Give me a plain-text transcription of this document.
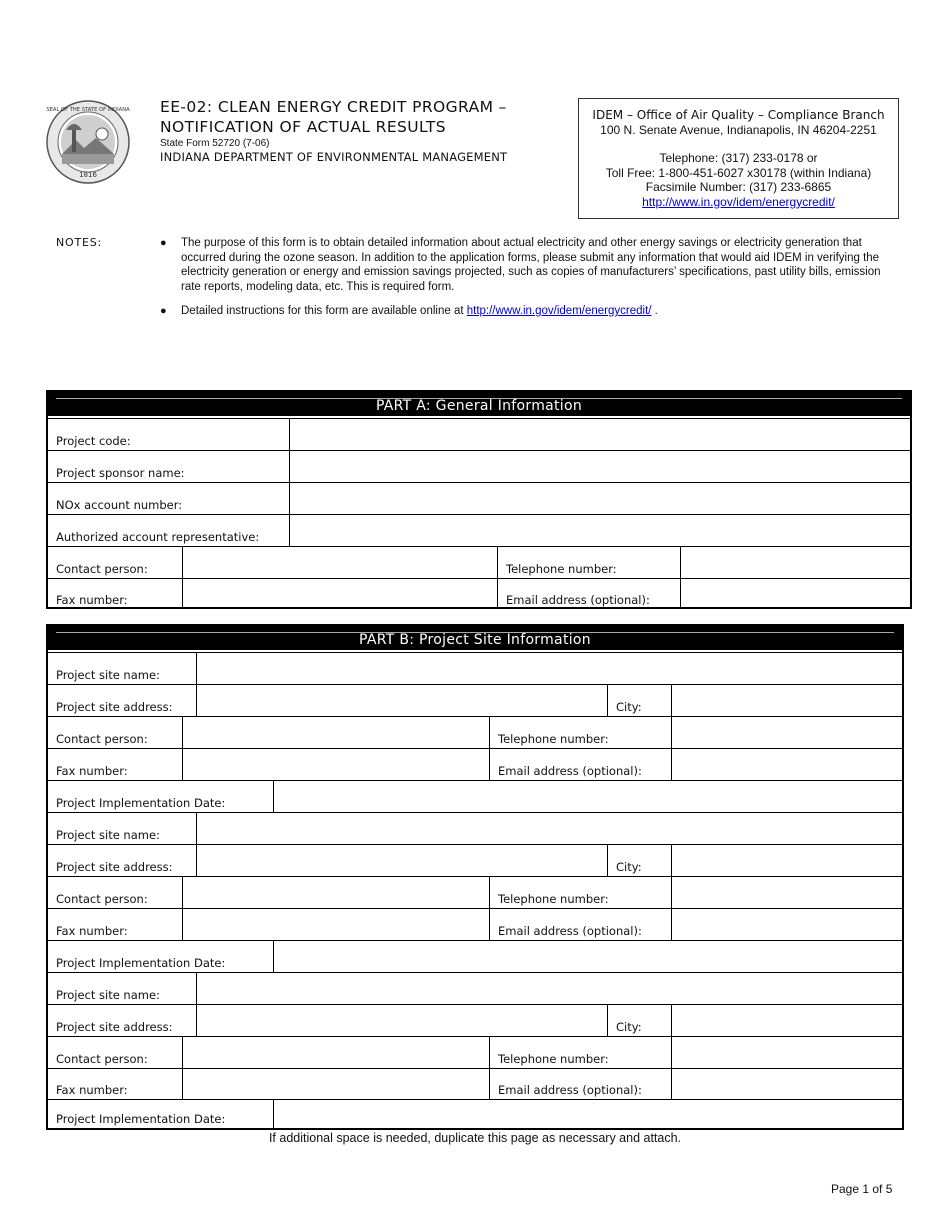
1816
SEAL OF THE STATE OF INDIANA EE-02: CLEAN ENERGY CREDIT PROGRAM –
NOTIFICATION OF ACTUAL RESULTS
State Form 52720 (7-06)
INDIANA DEPARTMENT OF ENVIRONMENTAL MANAGEMENT
IDEM – Office of Air Quality – Compliance Branch
100 N. Senate Avenue, Indianapolis, IN 46204-2251
Telephone: (317) 233-0178 or
Toll Free: 1-800-451-6027 x30178 (within Indiana)
Facsimile Number: (317) 233-6865
http://www.in.gov/idem/energycredit/
NOTES:	● The purpose of this form is to obtain detailed information about actual electricity and other energy savings or electricity generation that occurred during the ozone season. In addition to the application forms, please submit any information that would aid IDEM in verifying the electricity generation or energy and emission savings projected, such as copies of manufacturers’ specifications, past utility bills, emission rate reports, modeling data, etc. This is required form.
● Detailed instructions for this form are available online at http://www.in.gov/idem/energycredit/ .
PART A: General Information
Project code:
Project sponsor name:
NOx account number:
Authorized account representative:
Contact person:	Telephone number:
Fax number:	Email address (optional):
PART B: Project Site Information
Project site name:
Project site address:	City:
Contact person:	Telephone number:
Fax number:	Email address (optional):
Project Implementation Date:
Project site name:
Project site address:	City:
Contact person:	Telephone number:
Fax number:	Email address (optional):
Project Implementation Date:
Project site name:
Project site address:	City:
Contact person:	Telephone number:
Fax number:	Email address (optional):
Project Implementation Date:
If additional space is needed, duplicate this page as necessary and attach.
Page 1 of 5
